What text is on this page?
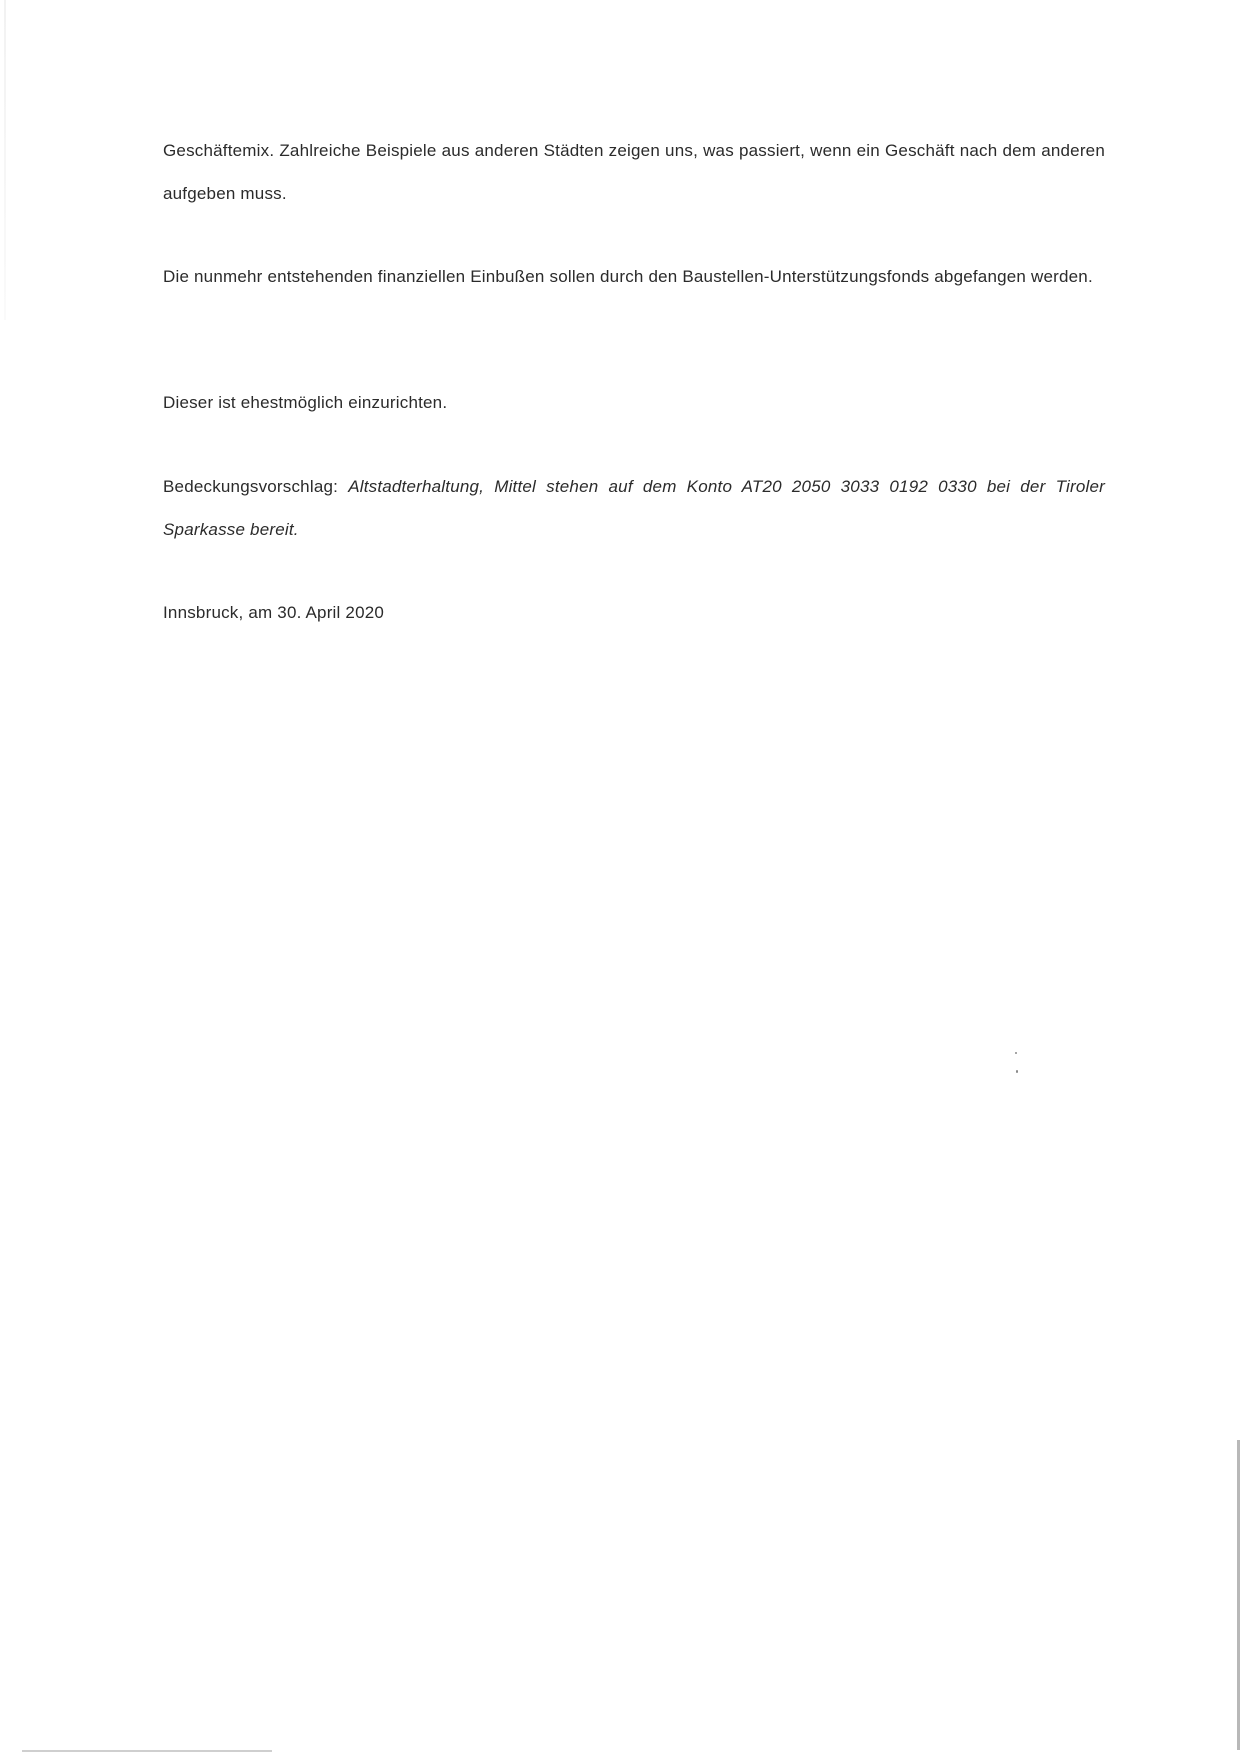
Geschäftemix. Zahlreiche Beispiele aus anderen Städten zeigen uns, was passiert, wenn ein Geschäft nach dem anderen aufgeben muss.

Die nunmehr entstehenden finanziellen Einbußen sollen durch den Baustellen-Unterstützungsfonds abgefangen werden.

Dieser ist ehestmöglich einzurichten.

Bedeckungsvorschlag: Altstadterhaltung, Mittel stehen auf dem Konto AT20 2050 3033 0192 0330 bei der Tiroler Sparkasse bereit.

Innsbruck, am 30. April 2020
